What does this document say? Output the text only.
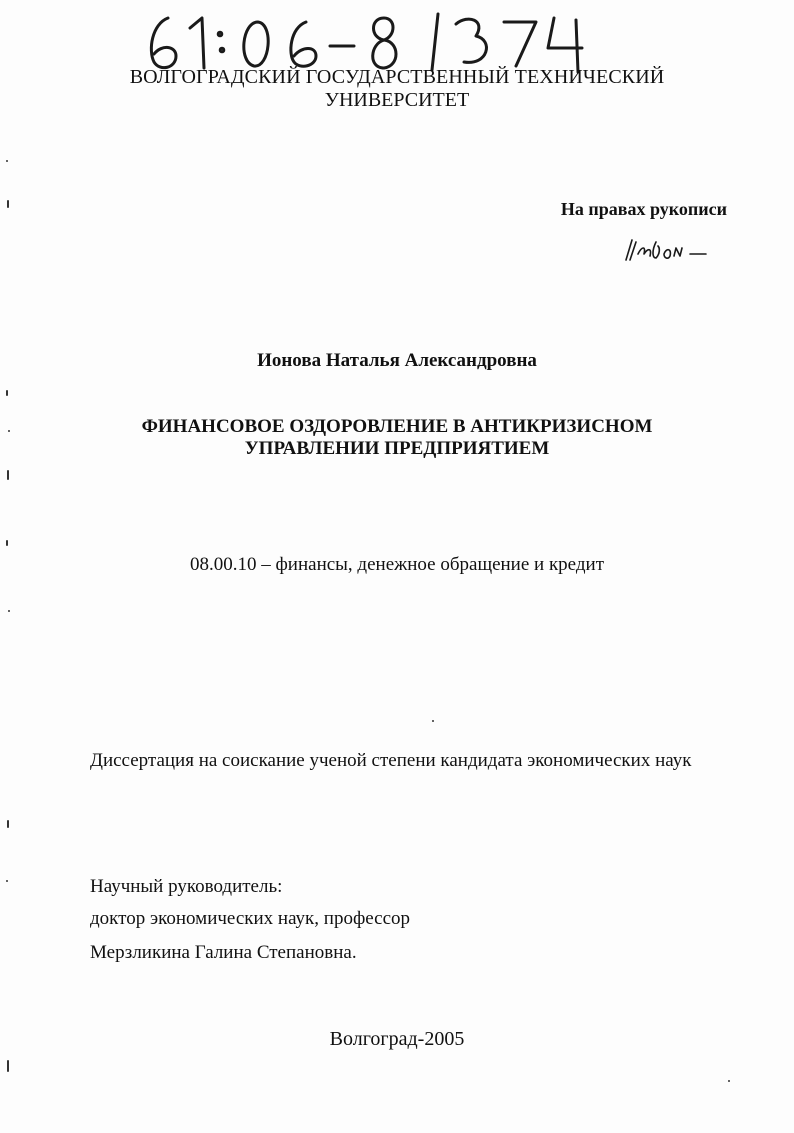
ВОЛГОГРАДСКИЙ ГОСУДАРСТВЕННЫЙ ТЕХНИЧЕСКИЙ
УНИВЕРСИТЕТ
На правах рукописи
Ионова Наталья Александровна
ФИНАНСОВОЕ ОЗДОРОВЛЕНИЕ В АНТИКРИЗИСНОМ
УПРАВЛЕНИИ ПРЕДПРИЯТИЕМ
08.00.10 – финансы, денежное обращение и кредит
Диссертация на соискание ученой степени кандидата экономических наук
Научный руководитель:
доктор экономических наук, профессор
Мерзликина Галина Степановна.
Волгоград-2005
